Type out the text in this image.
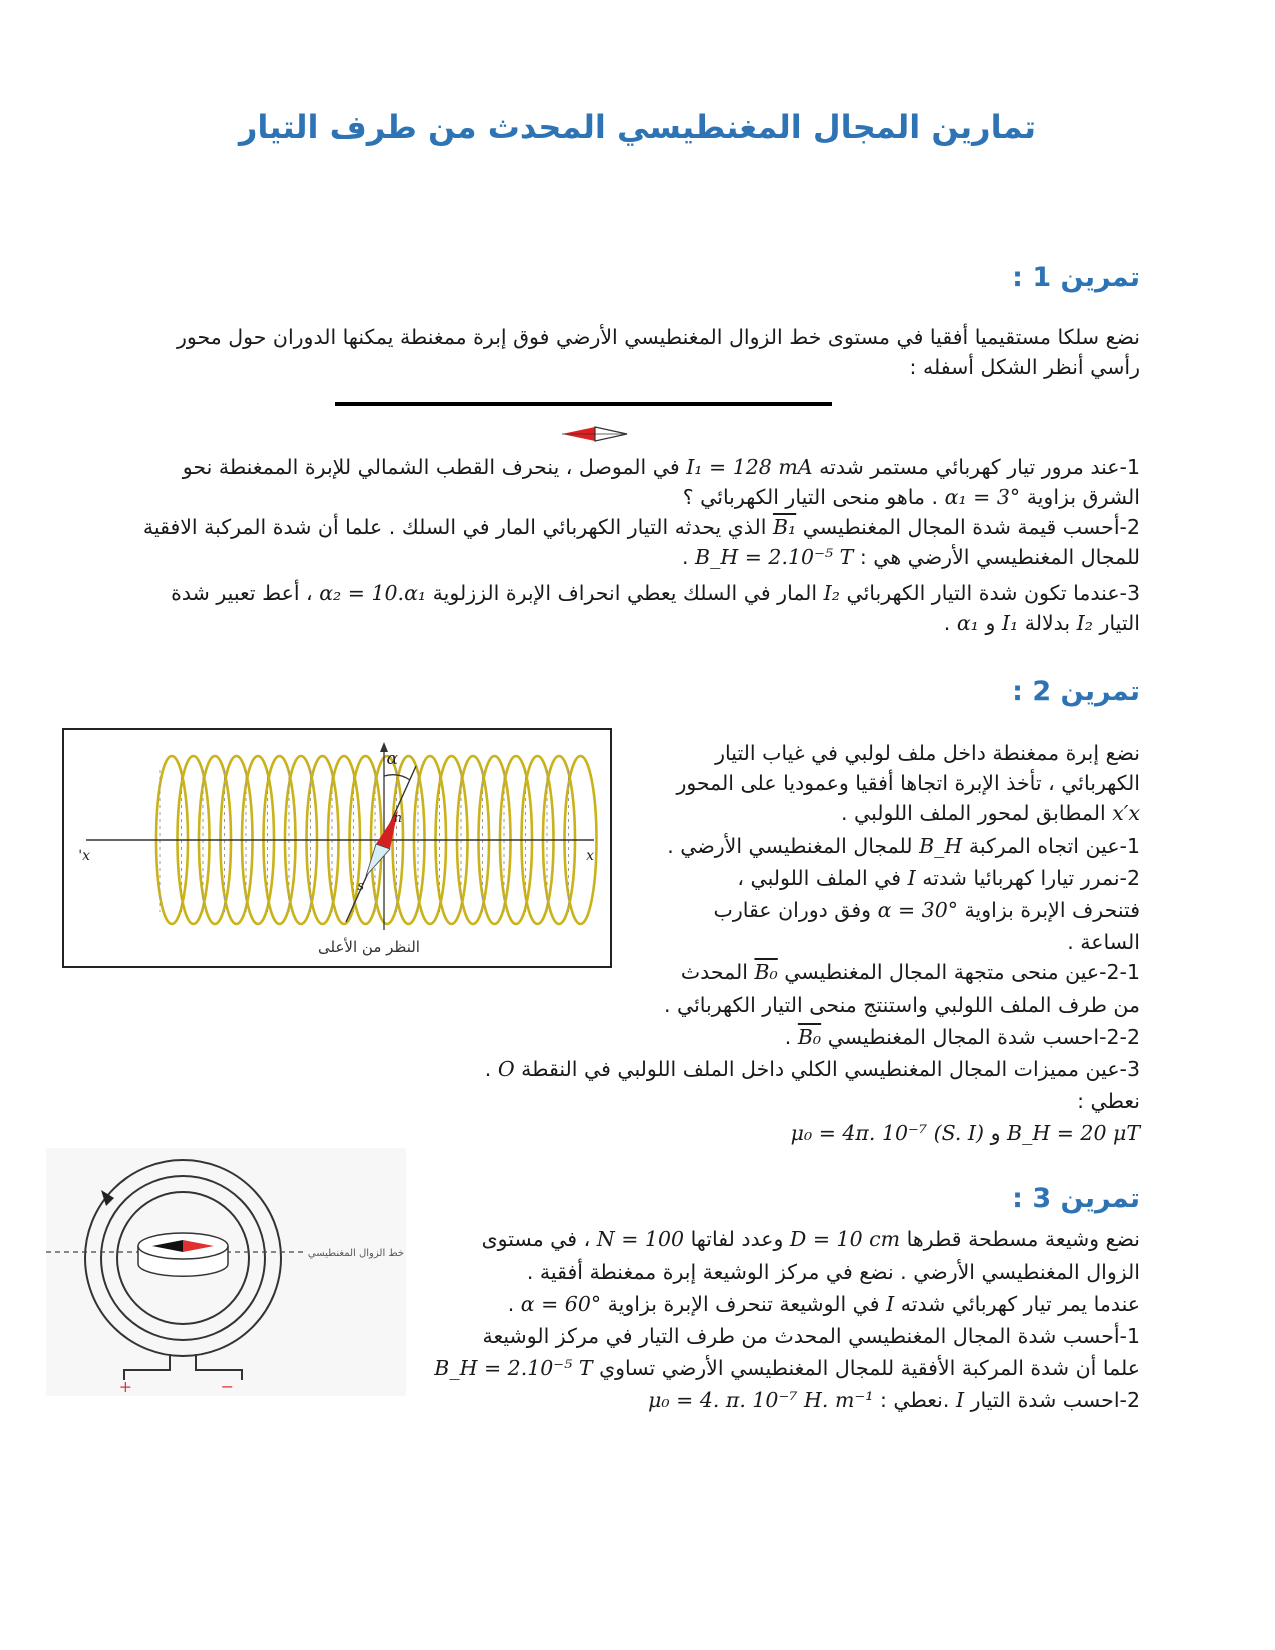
تمارين المجال المغنطيسي المحدث من طرف التيار
تمرين 1 :
نضع سلكا مستقيميا أفقيا في مستوى خط الزوال المغنطيسي الأرضي فوق إبرة ممغنطة يمكنها الدوران حول محور
رأسي أنظر الشكل أسفله :
1-عند مرور تيار كهربائي مستمر شدته I₁ = 128 mA في الموصل ، ينحرف القطب الشمالي للإبرة الممغنطة نحو
الشرق بزاوية α₁ = 3° . ماهو منحى التيار الكهربائي ؟
2-أحسب قيمة شدة المجال المغنطيسي B₁ الذي يحدثه التيار الكهربائي المار في السلك . علما أن شدة المركبة الافقية
للمجال المغنطيسي الأرضي هي : B_H = 2.10⁻⁵ T .
3-عندما تكون شدة التيار الكهربائي I₂ المار في السلك يعطي انحراف الإبرة الززلوية α₂ = 10.α₁ ، أعط تعبير شدة
التيار I₂ بدلالة I₁ و α₁ .
تمرين 2 :
x'	x
α
n
s
النظر من الأعلى
نضع إبرة ممغنطة داخل ملف لولبي في غياب التيار
الكهربائي ، تأخذ الإبرة اتجاها أفقيا وعموديا على المحور
x′x المطابق لمحور الملف اللولبي .
1-عين اتجاه المركبة B_H للمجال المغنطيسي الأرضي .
2-نمرر تيارا كهربائيا شدته I في الملف اللولبي ،
فتنحرف الإبرة بزاوية α = 30° وفق دوران عقارب
الساعة .
2-1-عين منحى متجهة المجال المغنطيسي B₀ المحدث
من طرف الملف اللولبي واستنتج منحى التيار الكهربائي .
2-2-احسب شدة المجال المغنطيسي B₀ .
3-عين مميزات المجال المغنطيسي الكلي داخل الملف اللولبي في النقطة O .
نعطي :
B_H = 20 μT و μ₀ = 4π. 10⁻⁷ (S. I)
تمرين 3 :
خط الزوال المغنطيسي
+	−
نضع وشيعة مسطحة قطرها D = 10 cm وعدد لفاتها N = 100 ، في مستوى
الزوال المغنطيسي الأرضي . نضع في مركز الوشيعة إبرة ممغنطة أفقية .
عندما يمر تيار كهربائي شدته I في الوشيعة تنحرف الإبرة بزاوية α = 60° .
1-أحسب شدة المجال المغنطيسي المحدث من طرف التيار في مركز الوشيعة
علما أن شدة المركبة الأفقية للمجال المغنطيسي الأرضي تساوي B_H = 2.10⁻⁵ T
2-احسب شدة التيار I .نعطي : μ₀ = 4. π. 10⁻⁷ H. m⁻¹
